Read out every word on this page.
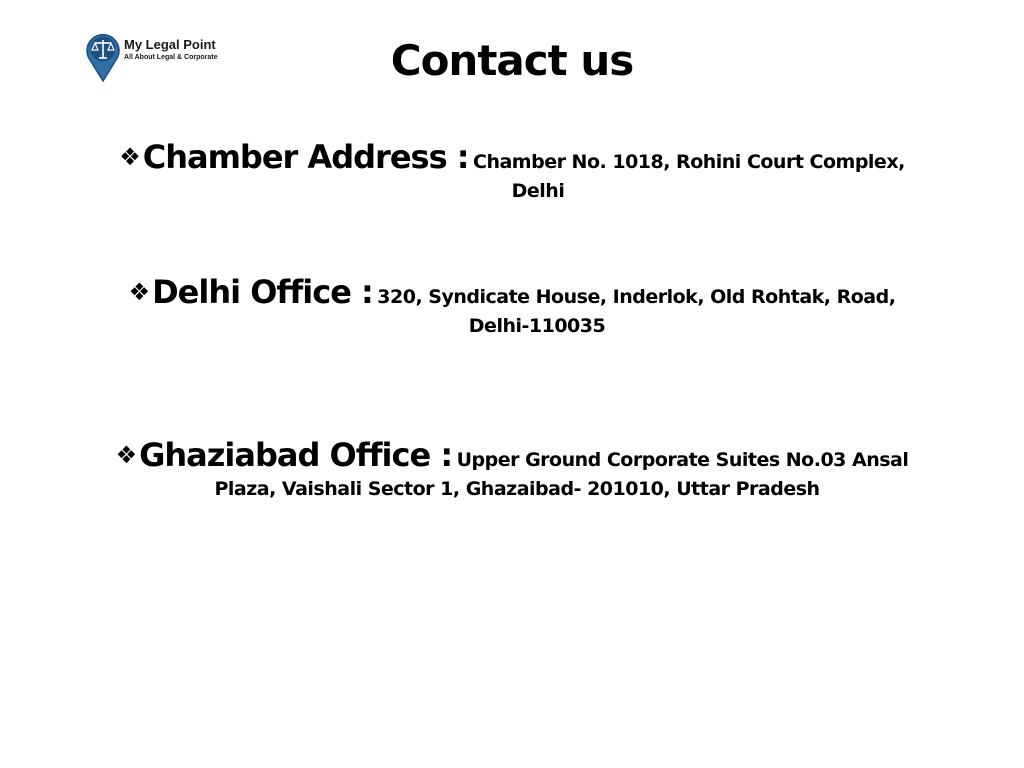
My Legal Point
All About Legal & Corporate	Contact us
❖Chamber Address : Chamber No. 1018, Rohini Court Complex,
Delhi
❖Delhi Office : 320, Syndicate House, Inderlok, Old Rohtak, Road,
Delhi-110035
❖Ghaziabad Office : Upper Ground Corporate Suites No.03 Ansal
Plaza, Vaishali Sector 1, Ghazaibad- 201010, Uttar Pradesh
